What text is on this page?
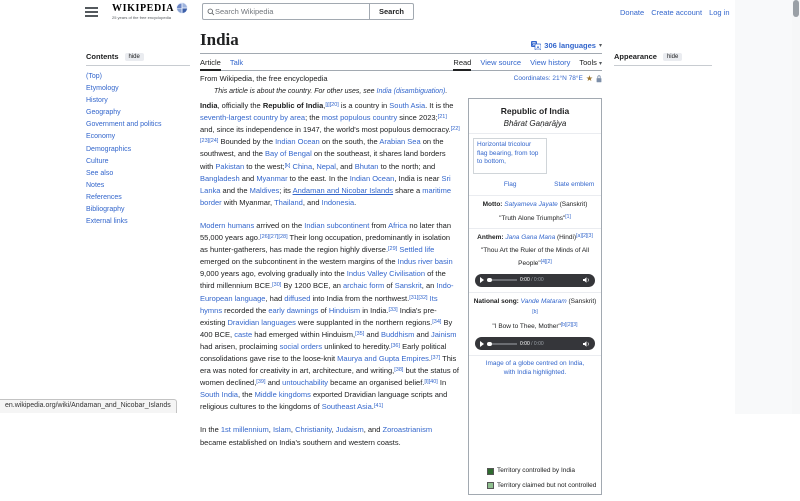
WIKIPEDIA
25 years of the free encyclopedia
Search Wikipedia
Search	Donate Create account Log in
Contents	hide
(Top)
Etymology
History
Geography
Government and politics
Economy
Demographics
Culture
See also
Notes
References
Bibliography
External links
Appearance	hide
India	A 306 languages ▾
Article Talk	Read View source View history Tools ▾
From Wikipedia, the free encyclopedia	Coordinates: 21°N 78°E ★
Republic of India
Bhārat Gaṇarājya
Horizontal tricolour flag bearing, from top to bottom,
Flag	State emblem
Motto: Satyameva Jayate (Sanskrit)
"Truth Alone Triumphs"[1]
Anthem: Jana Gana Mana (Hindi)[a][2][3]
"Thou Art the Ruler of the Minds of All People"[4][2]
0:00 / 0:00
National song: Vande Mataram (Sanskrit)[b]
"I Bow to Thee, Mother"[b][2][3]
0:00 / 0:00
Image of a globe centred on India, with India highlighted.
Territory controlled by India
Territory claimed but not controlled
This article is about the country. For other uses, see India (disambiguation).

India, officially the Republic of India,[j][20] is a country in South Asia. It is the seventh-largest country by area; the most populous country since 2023;[21] and, since its independence in 1947, the world's most populous democracy.[22][23][24] Bounded by the Indian Ocean on the south, the Arabian Sea on the southwest, and the Bay of Bengal on the southeast, it shares land borders with Pakistan to the west;[k] China, Nepal, and Bhutan to the north; and Bangladesh and Myanmar to the east. In the Indian Ocean, India is near Sri Lanka and the Maldives; its Andaman and Nicobar Islands share a maritime border with Myanmar, Thailand, and Indonesia.

Modern humans arrived on the Indian subcontinent from Africa no later than 55,000 years ago.[26][27][28] Their long occupation, predominantly in isolation as hunter-gatherers, has made the region highly diverse.[29] Settled life emerged on the subcontinent in the western margins of the Indus river basin 9,000 years ago, evolving gradually into the Indus Valley Civilisation of the third millennium BCE.[30] By 1200 BCE, an archaic form of Sanskrit, an Indo-European language, had diffused into India from the northwest.[31][32] Its hymns recorded the early dawnings of Hinduism in India.[33] India's pre-existing Dravidian languages were supplanted in the northern regions.[34] By 400 BCE, caste had emerged within Hinduism,[35] and Buddhism and Jainism had arisen, proclaiming social orders unlinked to heredity.[36] Early political consolidations gave rise to the loose-knit Maurya and Gupta Empires.[37] This era was noted for creativity in art, architecture, and writing,[38] but the status of women declined,[39] and untouchability became an organised belief.[l][40] In South India, the Middle kingdoms exported Dravidian language scripts and religious cultures to the kingdoms of Southeast Asia.[41]

In the 1st millennium, Islam, Christianity, Judaism, and Zoroastrianism became established on India's southern and western coasts.

en.wikipedia.org/wiki/Andaman_and_Nicobar_Islands
